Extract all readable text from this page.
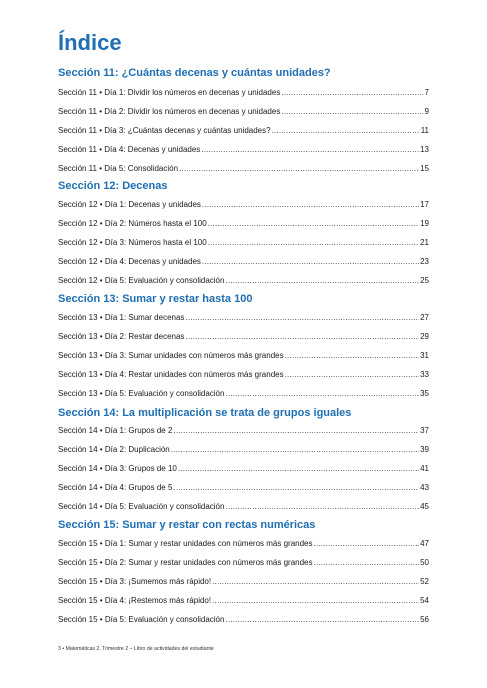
Índice
Sección 11: ¿Cuántas decenas y cuántas unidades?
Sección 11 • Día 1: Dividir los números en decenas y unidades .....	7
Sección 11 • Día 2: Dividir los números en decenas y unidades .....	9
Sección 11 • Día 3: ¿Cuántas decenas y cuántas unidades? .....	11
Sección 11 • Día 4: Decenas y unidades .....	13
Sección 11 • Día 5: Consolidación .....	15
Sección 12: Decenas
Sección 12 • Día 1: Decenas y unidades .....	17
Sección 12 • Día 2: Números hasta el 100 .....	19
Sección 12 • Día 3: Números hasta el 100 .....	21
Sección 12 • Día 4: Decenas y unidades .....	23
Sección 12 • Día 5: Evaluación y consolidación .....	25
Sección 13: Sumar y restar hasta 100
Sección 13 • Día 1: Sumar decenas .....	27
Sección 13 • Día 2: Restar decenas .....	29
Sección 13 • Día 3: Sumar unidades con números más grandes .....	31
Sección 13 • Día 4: Restar unidades con números más grandes .....	33
Sección 13 • Día 5: Evaluación y consolidación .....	35
Sección 14: La multiplicación se trata de grupos iguales
Sección 14 • Día 1: Grupos de 2 .....	37
Sección 14 • Día 2: Duplicación .....	39
Sección 14 • Día 3: Grupos de 10 .....	41
Sección 14 • Día 4: Grupos de 5 .....	43
Sección 14 • Día 5: Evaluación y consolidación .....	45
Sección 15: Sumar y restar con rectas numéricas
Sección 15 • Día 1: Sumar y restar unidades con números más grandes .....	47
Sección 15 • Día 2: Sumar y restar unidades con números más grandes .....	50
Sección 15 • Día 3: ¡Sumemos más rápido! .....	52
Sección 15 • Día 4: ¡Restemos más rápido! .....	54
Sección 15 • Día 5: Evaluación y consolidación .....	56
3 • Matemáticas 2, Trimestre 2 – Libro de actividades del estudiante
